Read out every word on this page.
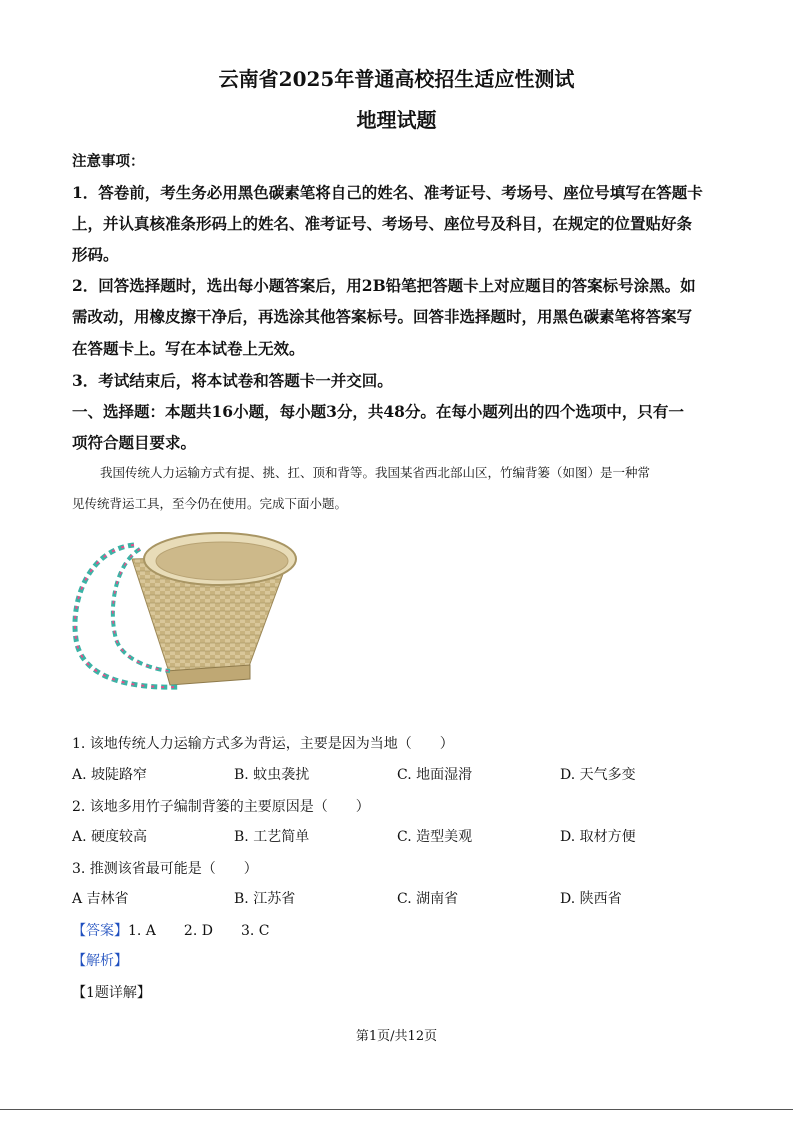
云南省2025年普通高校招生适应性测试
地理试题
注意事项：
1．答卷前，考生务必用黑色碳素笔将自己的姓名、准考证号、考场号、座位号填写在答题卡
上，并认真核准条形码上的姓名、准考证号、考场号、座位号及科目，在规定的位置贴好条
形码。
2．回答选择题时，选出每小题答案后，用2B铅笔把答题卡上对应题目的答案标号涂黑。如
需改动，用橡皮擦干净后，再选涂其他答案标号。回答非选择题时，用黑色碳素笔将答案写
在答题卡上。写在本试卷上无效。
3．考试结束后，将本试卷和答题卡一并交回。
一、选择题：本题共16小题，每小题3分，共48分。在每小题列出的四个选项中，只有一
项符合题目要求。
我国传统人力运输方式有提、挑、扛、顶和背等。我国某省西北部山区，竹编背篓（如图）是一种常
见传统背运工具，至今仍在使用。完成下面小题。
1. 该地传统人力运输方式多为背运，主要是因为当地（　　）
A. 坡陡路窄	B. 蚊虫袭扰	C. 地面湿滑	D. 天气多变
2. 该地多用竹子编制背篓的主要原因是（　　）
A. 硬度较高	B. 工艺简单	C. 造型美观	D. 取材方便
3. 推测该省最可能是（　　）
A 吉林省	B. 江苏省	C. 湖南省	D. 陕西省
【答案】1. A　　2. D　　3. C
【解析】
【1题详解】
第1页/共12页
